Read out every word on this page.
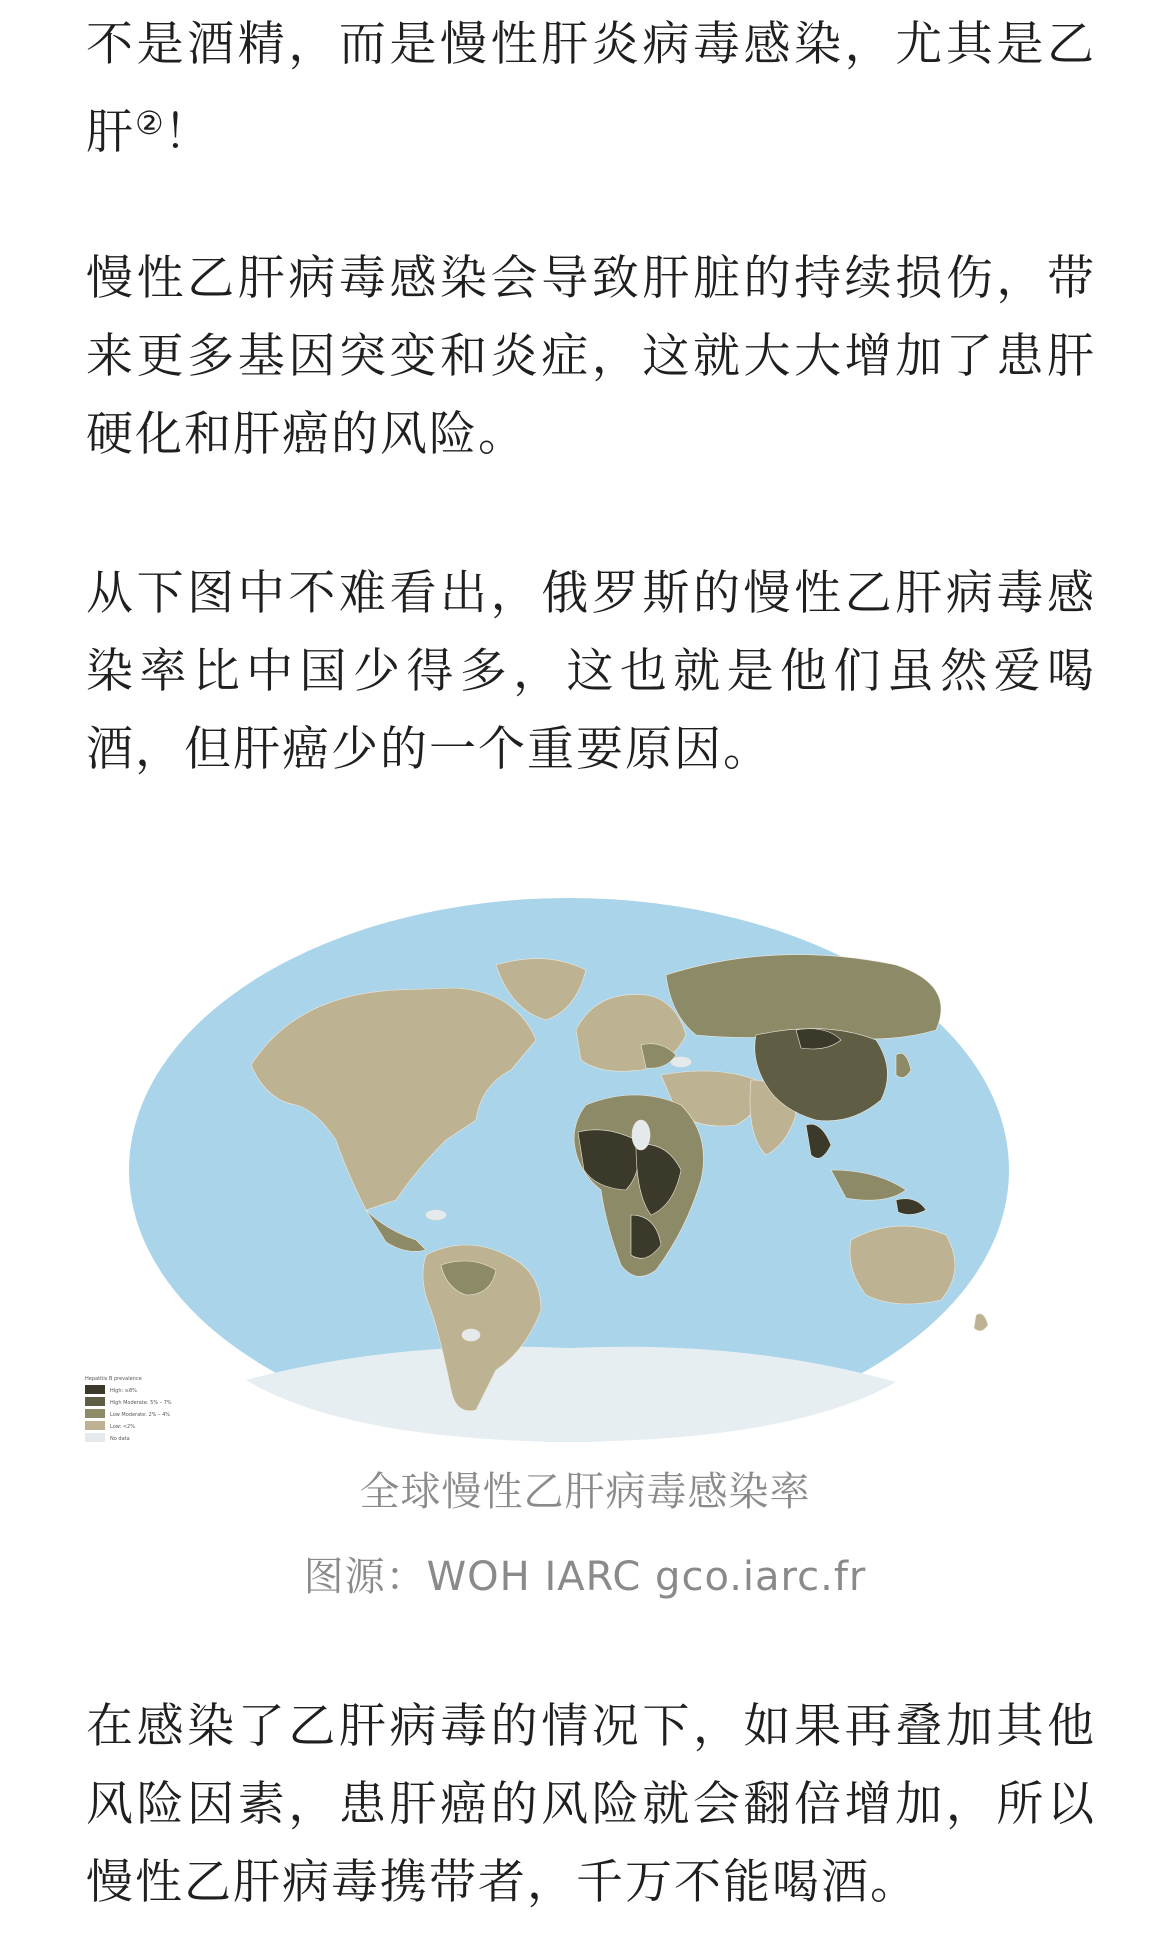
不是酒精，而是慢性肝炎病毒感染，尤其是乙肝②！

慢性乙肝病毒感染会导致肝脏的持续损伤，带来更多基因突变和炎症，这就大大增加了患肝硬化和肝癌的风险。

从下图中不难看出，俄罗斯的慢性乙肝病毒感染率比中国少得多，这也就是他们虽然爱喝酒，但肝癌少的一个重要原因。

在感染了乙肝病毒的情况下，如果再叠加其他风险因素，患肝癌的风险就会翻倍增加，所以慢性乙肝病毒携带者，千万不能喝酒。

Hepatitis B prevalence
High: ≥8%
High Moderate: 5% – 7%
Low Moderate: 2% – 4%
Low: <2%
No data
全球慢性乙肝病毒感染率
图源：WOH IARC gco.iarc.fr
